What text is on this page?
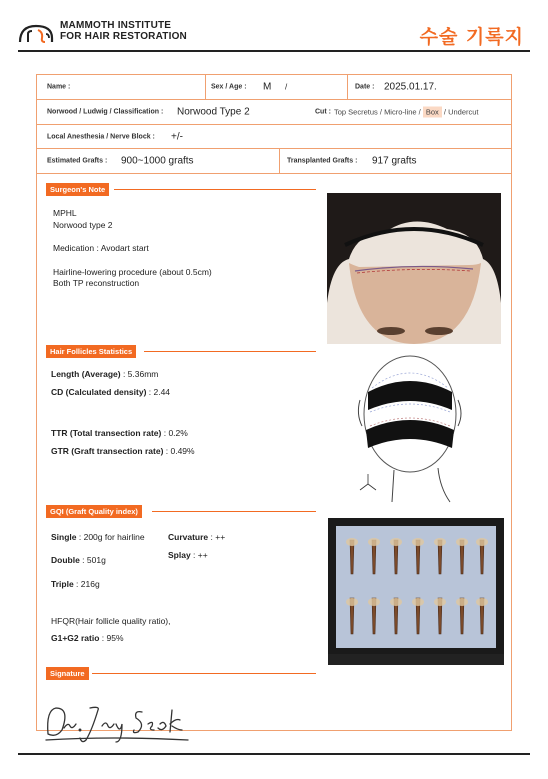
MAMMOTH INSTITUTE
FOR HAIR RESTORATION	수술 기록지
Name :	Sex / Age : M /	Date : 2025.01.17.
Norwood / Ludwig / Classification : Norwood Type 2	Cut : Top Secretus / Micro-line / Box / Undercut
Local Anesthesia / Nerve Block : +/-
Estimated Grafts : 900~1000 grafts	Transplanted Grafts : 917 grafts
Surgeon's Note
MPHL
Norwood type 2
Medication : Avodart start
Hairline-lowering procedure (about 0.5cm)
Both TP reconstruction
Hair Follicles Statistics
Length (Average) : 5.36mm
CD (Calculated density) : 2.44
TTR (Total transection rate) : 0.2%
GTR (Graft transection rate) : 0.49%
GQI (Graft Quality index)
Single : 200g for hairline	Curvature : ++
Double : 501g	Splay : ++
Triple : 216g
HFQR(Hair follicle quality ratio),
G1+G2 ratio : 95%
Signature
